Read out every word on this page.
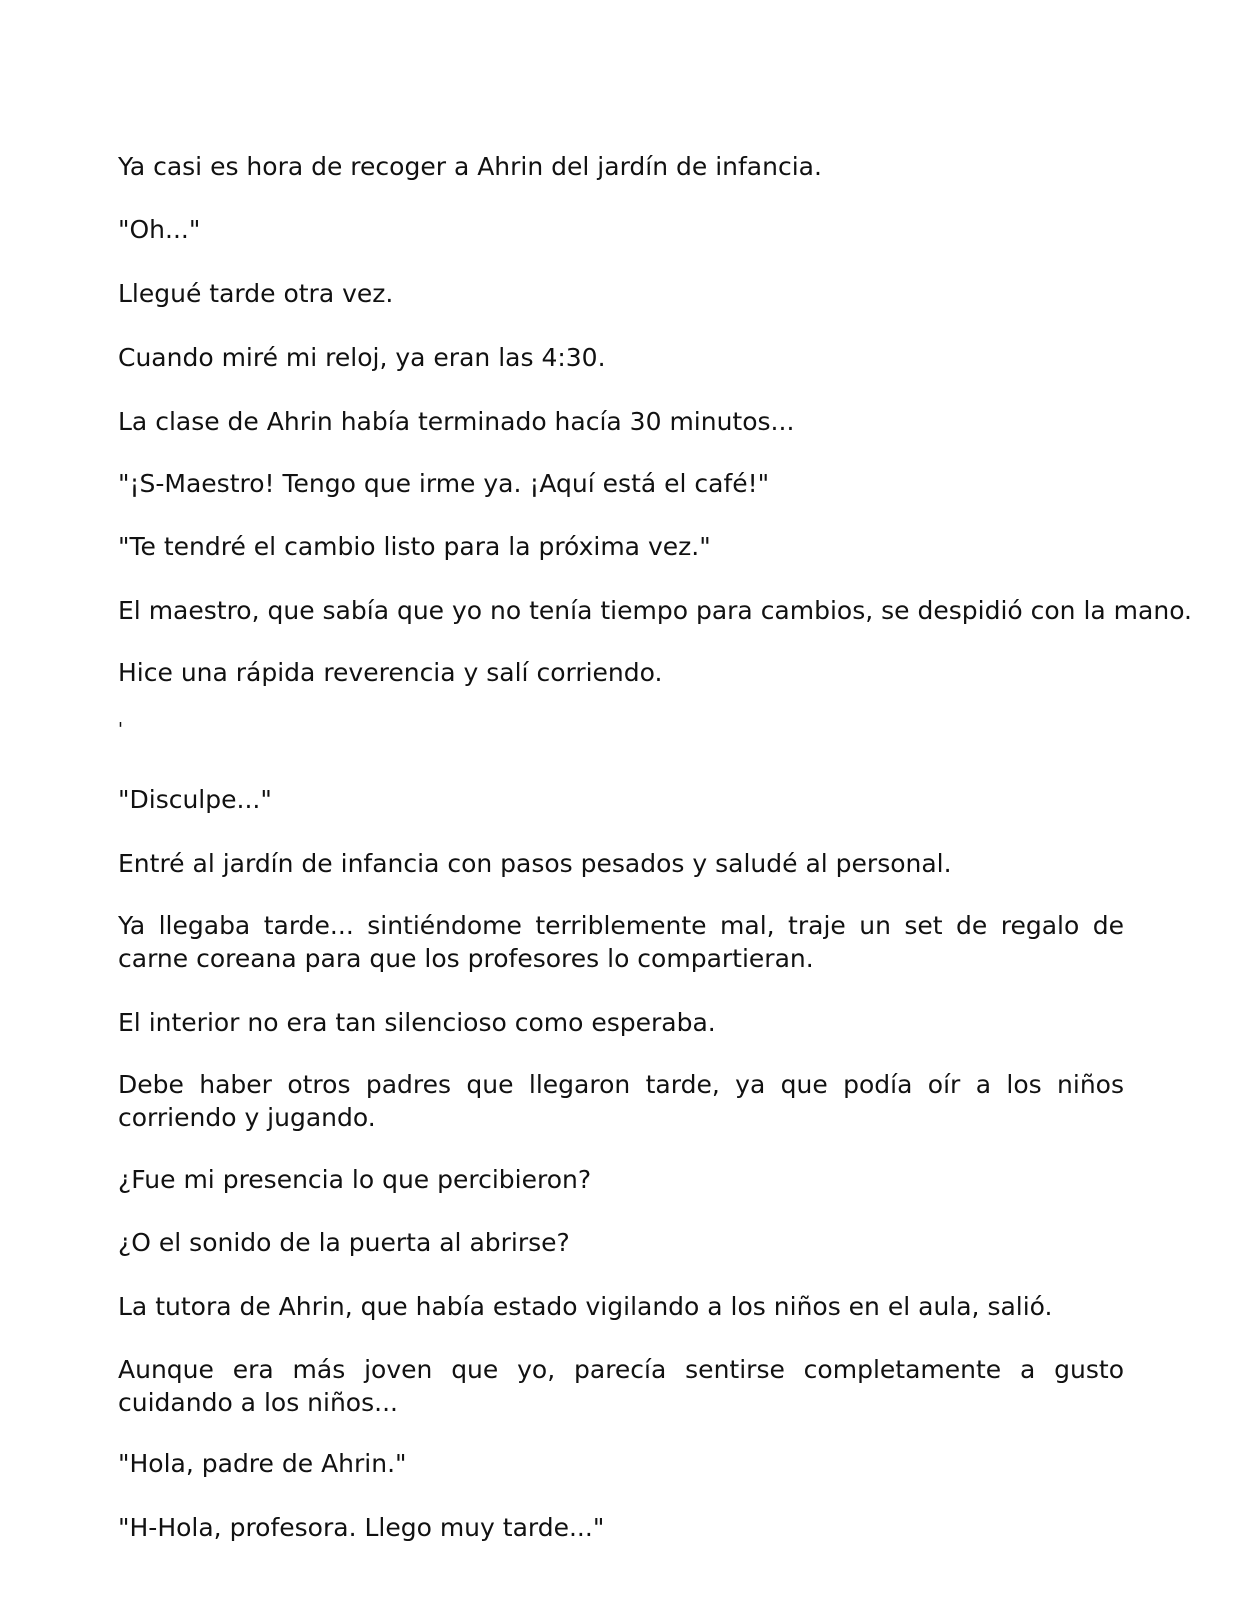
Ya casi es hora de recoger a Ahrin del jardín de infancia.

"Oh..."

Llegué tarde otra vez.

Cuando miré mi reloj, ya eran las 4:30.

La clase de Ahrin había terminado hacía 30 minutos...

"¡S-Maestro! Tengo que irme ya. ¡Aquí está el café!"

"Te tendré el cambio listo para la próxima vez."

El maestro, que sabía que yo no tenía tiempo para cambios, se despidió con la mano.

Hice una rápida reverencia y salí corriendo.

'

"Disculpe..."

Entré al jardín de infancia con pasos pesados y saludé al personal.

Ya llegaba tarde... sintiéndome terriblemente mal, traje un set de regalo de carne coreana para que los profesores lo compartieran.

El interior no era tan silencioso como esperaba.

Debe haber otros padres que llegaron tarde, ya que podía oír a los niños corriendo y jugando.

¿Fue mi presencia lo que percibieron?

¿O el sonido de la puerta al abrirse?

La tutora de Ahrin, que había estado vigilando a los niños en el aula, salió.

Aunque era más joven que yo, parecía sentirse completamente a gusto cuidando a los niños...

"Hola, padre de Ahrin."

"H-Hola, profesora. Llego muy tarde..."
